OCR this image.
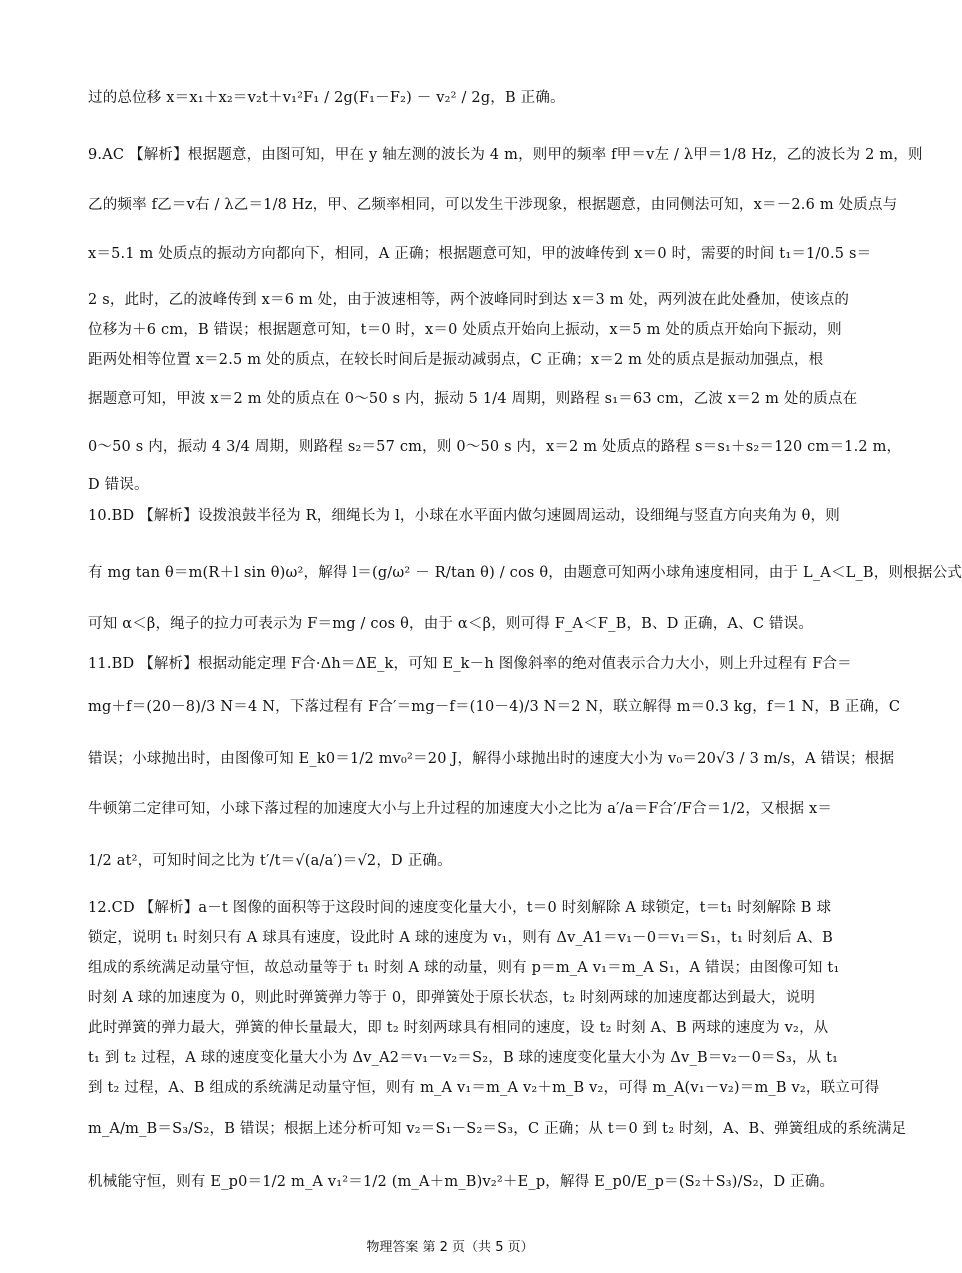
过的总位移 x＝x₁＋x₂＝v₂t＋v₁²F₁ / 2g(F₁－F₂) － v₂² / 2g，B 正确。
9.AC 【解析】根据题意，由图可知，甲在 y 轴左测的波长为 4 m，则甲的频率 f甲＝v左 / λ甲＝1/8 Hz，乙的波长为 2 m，则
乙的频率 f乙＝v右 / λ乙＝1/8 Hz，甲、乙频率相同，可以发生干涉现象，根据题意，由同侧法可知，x＝－2.6 m 处质点与
x＝5.1 m 处质点的振动方向都向下，相同，A 正确；根据题意可知，甲的波峰传到 x＝0 时，需要的时间 t₁＝1/0.5 s＝
2 s，此时，乙的波峰传到 x＝6 m 处，由于波速相等，两个波峰同时到达 x＝3 m 处，两列波在此处叠加，使该点的
位移为＋6 cm，B 错误；根据题意可知，t＝0 时，x＝0 处质点开始向上振动，x＝5 m 处的质点开始向下振动，则
距两处相等位置 x＝2.5 m 处的质点，在较长时间后是振动减弱点，C 正确；x＝2 m 处的质点是振动加强点，根
据题意可知，甲波 x＝2 m 处的质点在 0～50 s 内，振动 5 1/4 周期，则路程 s₁＝63 cm，乙波 x＝2 m 处的质点在
0～50 s 内，振动 4 3/4 周期，则路程 s₂＝57 cm，则 0～50 s 内，x＝2 m 处质点的路程 s＝s₁＋s₂＝120 cm＝1.2 m，
D 错误。
10.BD 【解析】设拨浪鼓半径为 R，细绳长为 l，小球在水平面内做匀速圆周运动，设细绳与竖直方向夹角为 θ，则
有 mg tan θ＝m(R＋l sin θ)ω²，解得 l＝(g/ω² － R/tan θ) / cos θ，由题意可知两小球角速度相同，由于 L_A＜L_B，则根据公式
可知 α＜β，绳子的拉力可表示为 F＝mg / cos θ，由于 α＜β，则可得 F_A＜F_B，B、D 正确，A、C 错误。
11.BD 【解析】根据动能定理 F合·Δh＝ΔE_k，可知 E_k－h 图像斜率的绝对值表示合力大小，则上升过程有 F合＝
mg＋f＝(20－8)/3 N＝4 N，下落过程有 F合′＝mg－f＝(10－4)/3 N＝2 N，联立解得 m＝0.3 kg，f＝1 N，B 正确，C
错误；小球抛出时，由图像可知 E_k0＝1/2 mv₀²＝20 J，解得小球抛出时的速度大小为 v₀＝20√3 / 3 m/s，A 错误；根据
牛顿第二定律可知，小球下落过程的加速度大小与上升过程的加速度大小之比为 a′/a＝F合′/F合＝1/2，又根据 x＝
1/2 at²，可知时间之比为 t′/t＝√(a/a′)＝√2，D 正确。
12.CD 【解析】a－t 图像的面积等于这段时间的速度变化量大小，t＝0 时刻解除 A 球锁定，t＝t₁ 时刻解除 B 球
锁定，说明 t₁ 时刻只有 A 球具有速度，设此时 A 球的速度为 v₁，则有 Δv_A1＝v₁－0＝v₁＝S₁，t₁ 时刻后 A、B
组成的系统满足动量守恒，故总动量等于 t₁ 时刻 A 球的动量，则有 p＝m_A v₁＝m_A S₁，A 错误；由图像可知 t₁
时刻 A 球的加速度为 0，则此时弹簧弹力等于 0，即弹簧处于原长状态，t₂ 时刻两球的加速度都达到最大，说明
此时弹簧的弹力最大，弹簧的伸长量最大，即 t₂ 时刻两球具有相同的速度，设 t₂ 时刻 A、B 两球的速度为 v₂，从
t₁ 到 t₂ 过程，A 球的速度变化量大小为 Δv_A2＝v₁－v₂＝S₂，B 球的速度变化量大小为 Δv_B＝v₂－0＝S₃，从 t₁
到 t₂ 过程，A、B 组成的系统满足动量守恒，则有 m_A v₁＝m_A v₂＋m_B v₂，可得 m_A(v₁－v₂)＝m_B v₂，联立可得
m_A/m_B＝S₃/S₂，B 错误；根据上述分析可知 v₂＝S₁－S₂＝S₃，C 正确；从 t＝0 到 t₂ 时刻，A、B、弹簧组成的系统满足
机械能守恒，则有 E_p0＝1/2 m_A v₁²＝1/2 (m_A＋m_B)v₂²＋E_p，解得 E_p0/E_p＝(S₂＋S₃)/S₂，D 正确。
物理答案 第 2 页（共 5 页）
